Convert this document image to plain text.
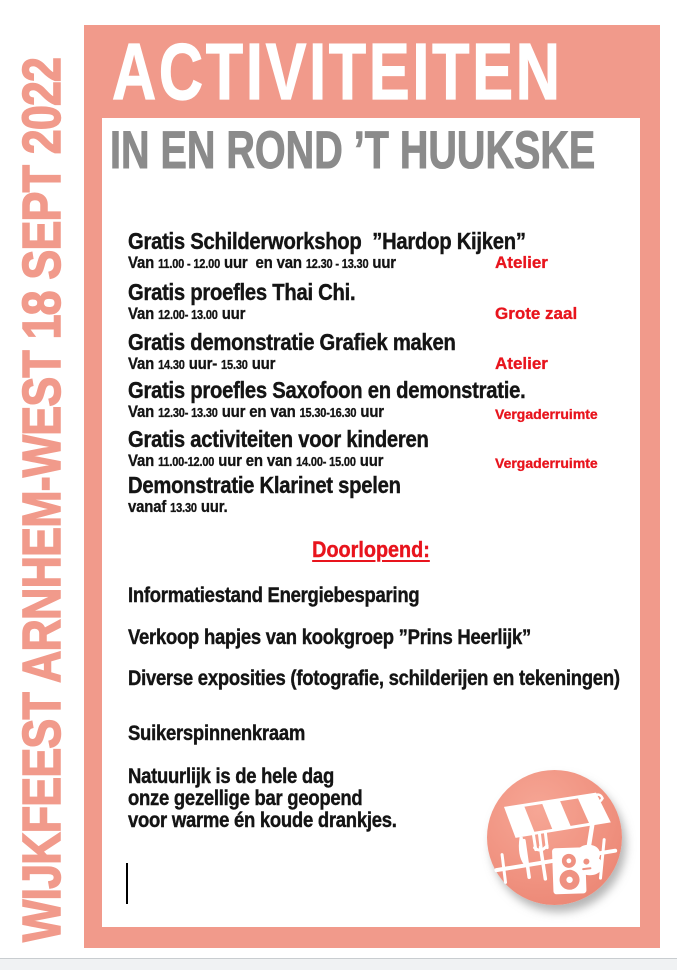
WIJKFEEST ARNHEM-WEST 18 SEPT 2022 ACTIVITEITEN
IN EN ROND ’T HUUKSKE
Gratis Schilderworkshop  ”Hardop Kijken”
Van 11.00 - 12.00 uur  en van 12.30 - 13.30 uur	Atelier
Gratis proefles Thai Chi.
Van 12.00- 13.00 uur	Grote zaal
Gratis demonstratie Grafiek maken
Van 14.30 uur- 15.30 uur	Atelier
Gratis proefles Saxofoon en demonstratie.
Van 12.30- 13.30 uur en van 15.30-16.30 uur	Vergaderruimte
Gratis activiteiten voor kinderen
Van 11.00-12.00 uur en van 14.00- 15.00 uur	Vergaderruimte
Demonstratie Klarinet spelen
vanaf 13.30 uur.
Doorlopend:
Informatiestand Energiebesparing
Verkoop hapjes van kookgroep ”Prins Heerlijk”
Diverse exposities (fotografie, schilderijen en tekeningen)
Suikerspinnenkraam
Natuurlijk is de hele dag
onze gezellige bar geopend
voor warme én koude drankjes.
